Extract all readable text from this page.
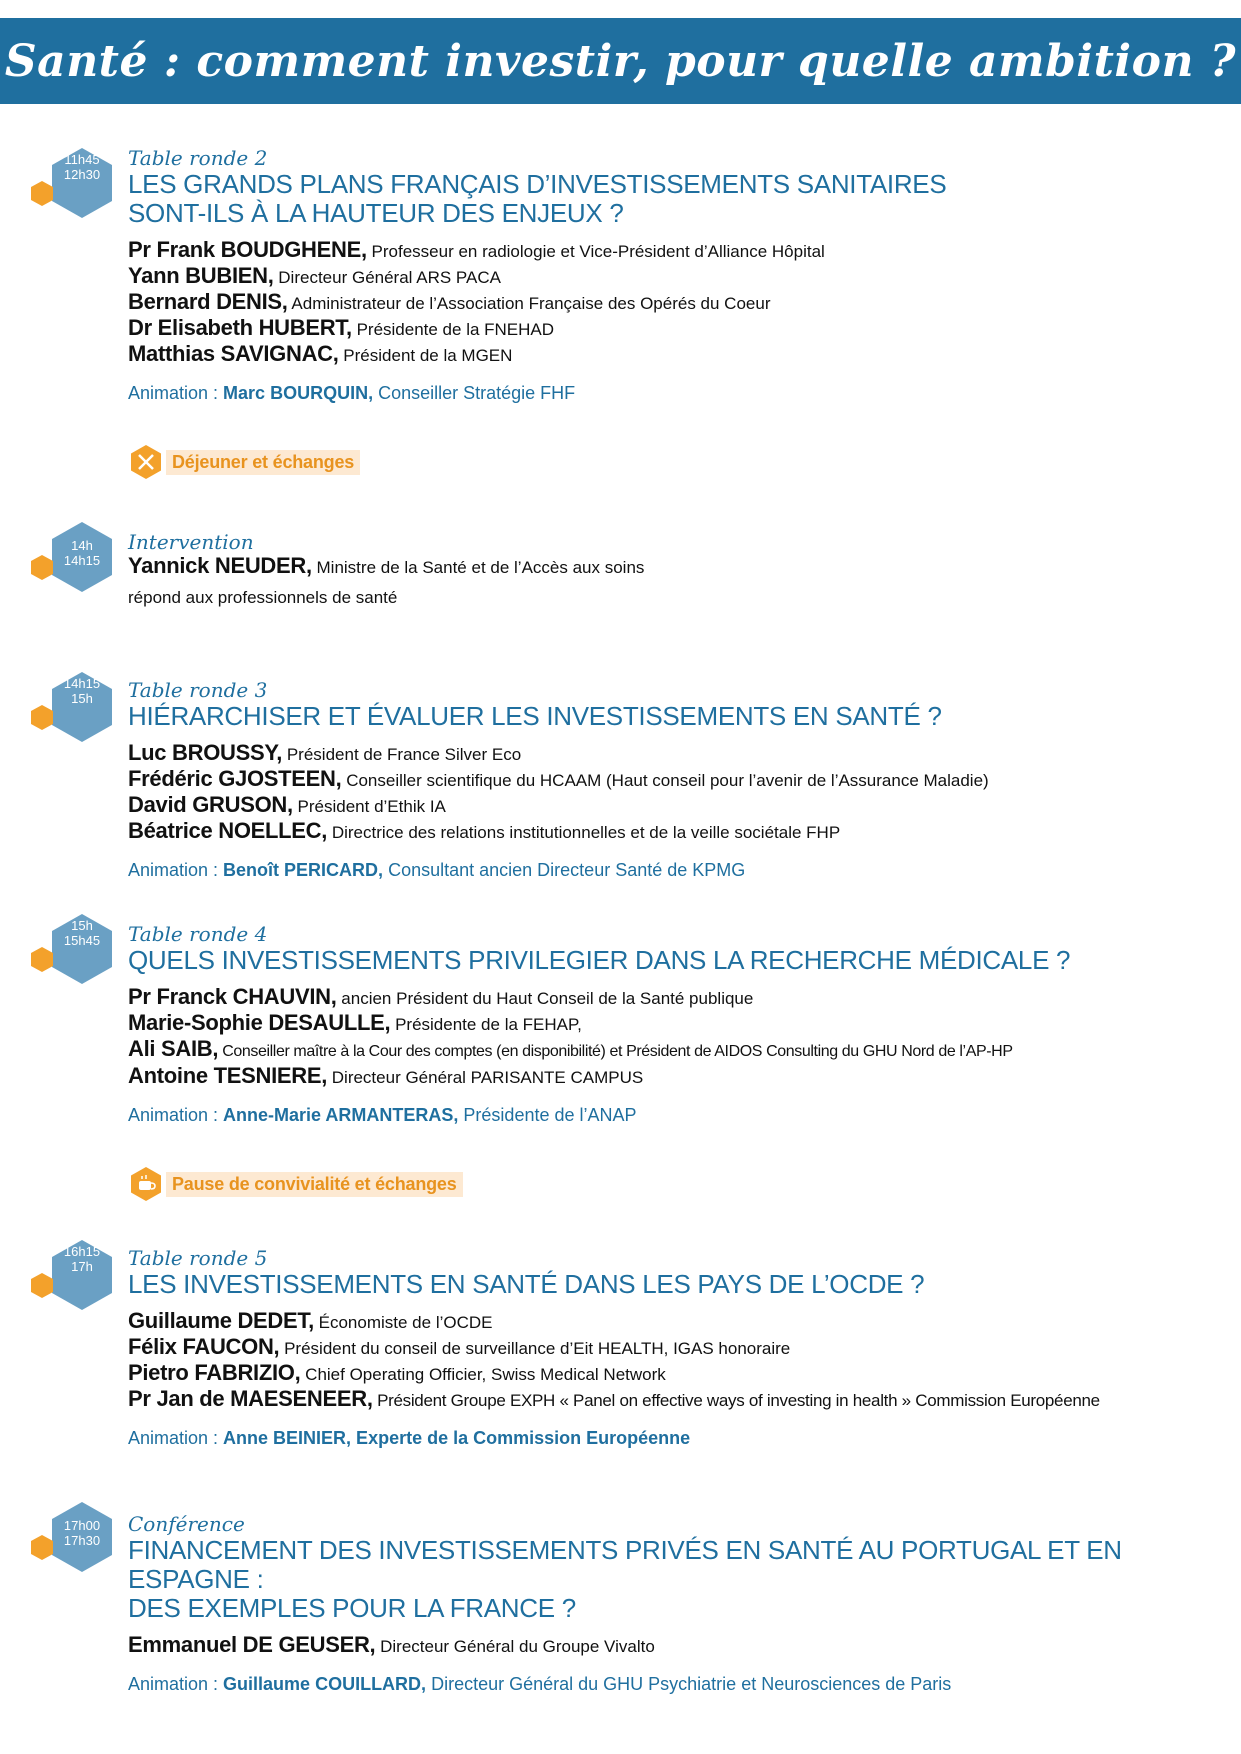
Santé : comment investir, pour quelle ambition ?
11h45
12h30
Table ronde 2
LES GRANDS PLANS FRANÇAIS D’INVESTISSEMENTS SANITAIRES
SONT-ILS À LA HAUTEUR DES ENJEUX ?
Pr Frank BOUDGHENE, Professeur en radiologie et Vice-Président d’Alliance Hôpital
Yann BUBIEN, Directeur Général ARS PACA
Bernard DENIS, Administrateur de l’Association Française des Opérés du Coeur
Dr Elisabeth HUBERT, Présidente de la FNEHAD
Matthias SAVIGNAC, Président de la MGEN
Animation : Marc BOURQUIN, Conseiller Stratégie FHF
Déjeuner et échanges
14h
14h15
Intervention
Yannick NEUDER, Ministre de la Santé et de l’Accès aux soins
répond aux professionnels de santé
14h15
15h	Table ronde 3
HIÉRARCHISER ET ÉVALUER LES INVESTISSEMENTS EN SANTÉ ?
Luc BROUSSY, Président de France Silver Eco
Frédéric GJOSTEEN, Conseiller scientifique du HCAAM (Haut conseil pour l’avenir de l’Assurance Maladie)
David GRUSON, Président d’Ethik IA
Béatrice NOELLEC, Directrice des relations institutionnelles et de la veille sociétale FHP
Animation : Benoît PERICARD, Consultant ancien Directeur Santé de KPMG
15h
15h45	Table ronde 4
QUELS INVESTISSEMENTS PRIVILEGIER DANS LA RECHERCHE MÉDICALE ?
Pr Franck CHAUVIN, ancien Président du Haut Conseil de la Santé publique
Marie-Sophie DESAULLE, Présidente de la FEHAP,
Ali SAIB, Conseiller maître à la Cour des comptes (en disponibilité) et Président de AIDOS Consulting du GHU Nord de l’AP-HP
Antoine TESNIERE, Directeur Général PARISANTE CAMPUS
Animation : Anne-Marie ARMANTERAS, Présidente de l’ANAP
Pause de convivialité et échanges
16h15
17h	Table ronde 5
LES INVESTISSEMENTS EN SANTÉ DANS LES PAYS DE L’OCDE ?
Guillaume DEDET, Économiste de l’OCDE
Félix FAUCON, Président du conseil de surveillance d’Eit HEALTH, IGAS honoraire
Pietro FABRIZIO, Chief Operating Officier, Swiss Medical Network
Pr Jan de MAESENEER, Président Groupe EXPH « Panel on effective ways of investing in health » Commission Européenne
Animation : Anne BEINIER, Experte de la Commission Européenne
17h00
17h30
Conférence
FINANCEMENT DES INVESTISSEMENTS PRIVÉS EN SANTÉ AU PORTUGAL ET EN ESPAGNE :
DES EXEMPLES POUR LA FRANCE ?
Emmanuel DE GEUSER, Directeur Général du Groupe Vivalto
Animation : Guillaume COUILLARD, Directeur Général du GHU Psychiatrie et Neurosciences de Paris
